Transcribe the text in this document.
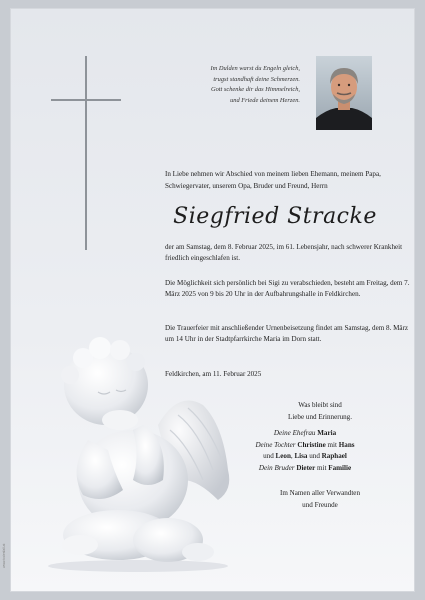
Im Dulden warst du Engeln gleich,
trugst standhaft deine Schmerzen.
Gott schenke dir das Himmelreich,
und Friede deinem Herzen.
In Liebe nehmen wir Abschied von meinem lieben Ehemann, meinem Papa, Schwiegervater, unserem Opa, Bruder und Freund, Herrn
Siegfried Stracke
der am Samstag, dem 8. Februar 2025, im 61. Lebensjahr, nach schwerer Krankheit friedlich eingeschlafen ist.
Die Möglichkeit sich persönlich bei Sigi zu verabschieden, besteht am Freitag, dem 7. März 2025 von 9 bis 20 Uhr in der Aufbahrungshalle in Feldkirchen.
Die Trauerfeier mit anschließender Urnenbeisetzung findet am Samstag, dem 8. März um 14 Uhr in der Stadtpfarrkirche Maria im Dorn statt.
Feldkirchen, am 11. Februar 2025
Was bleibt sind
Liebe und Erinnerung.
Deine Ehefrau Maria
Deine Tochter Christine mit Hans
und Leon, Lisa und Raphael
Dein Bruder Dieter mit Familie
Im Namen aller Verwandten
und Freunde
www.todesfall.at
